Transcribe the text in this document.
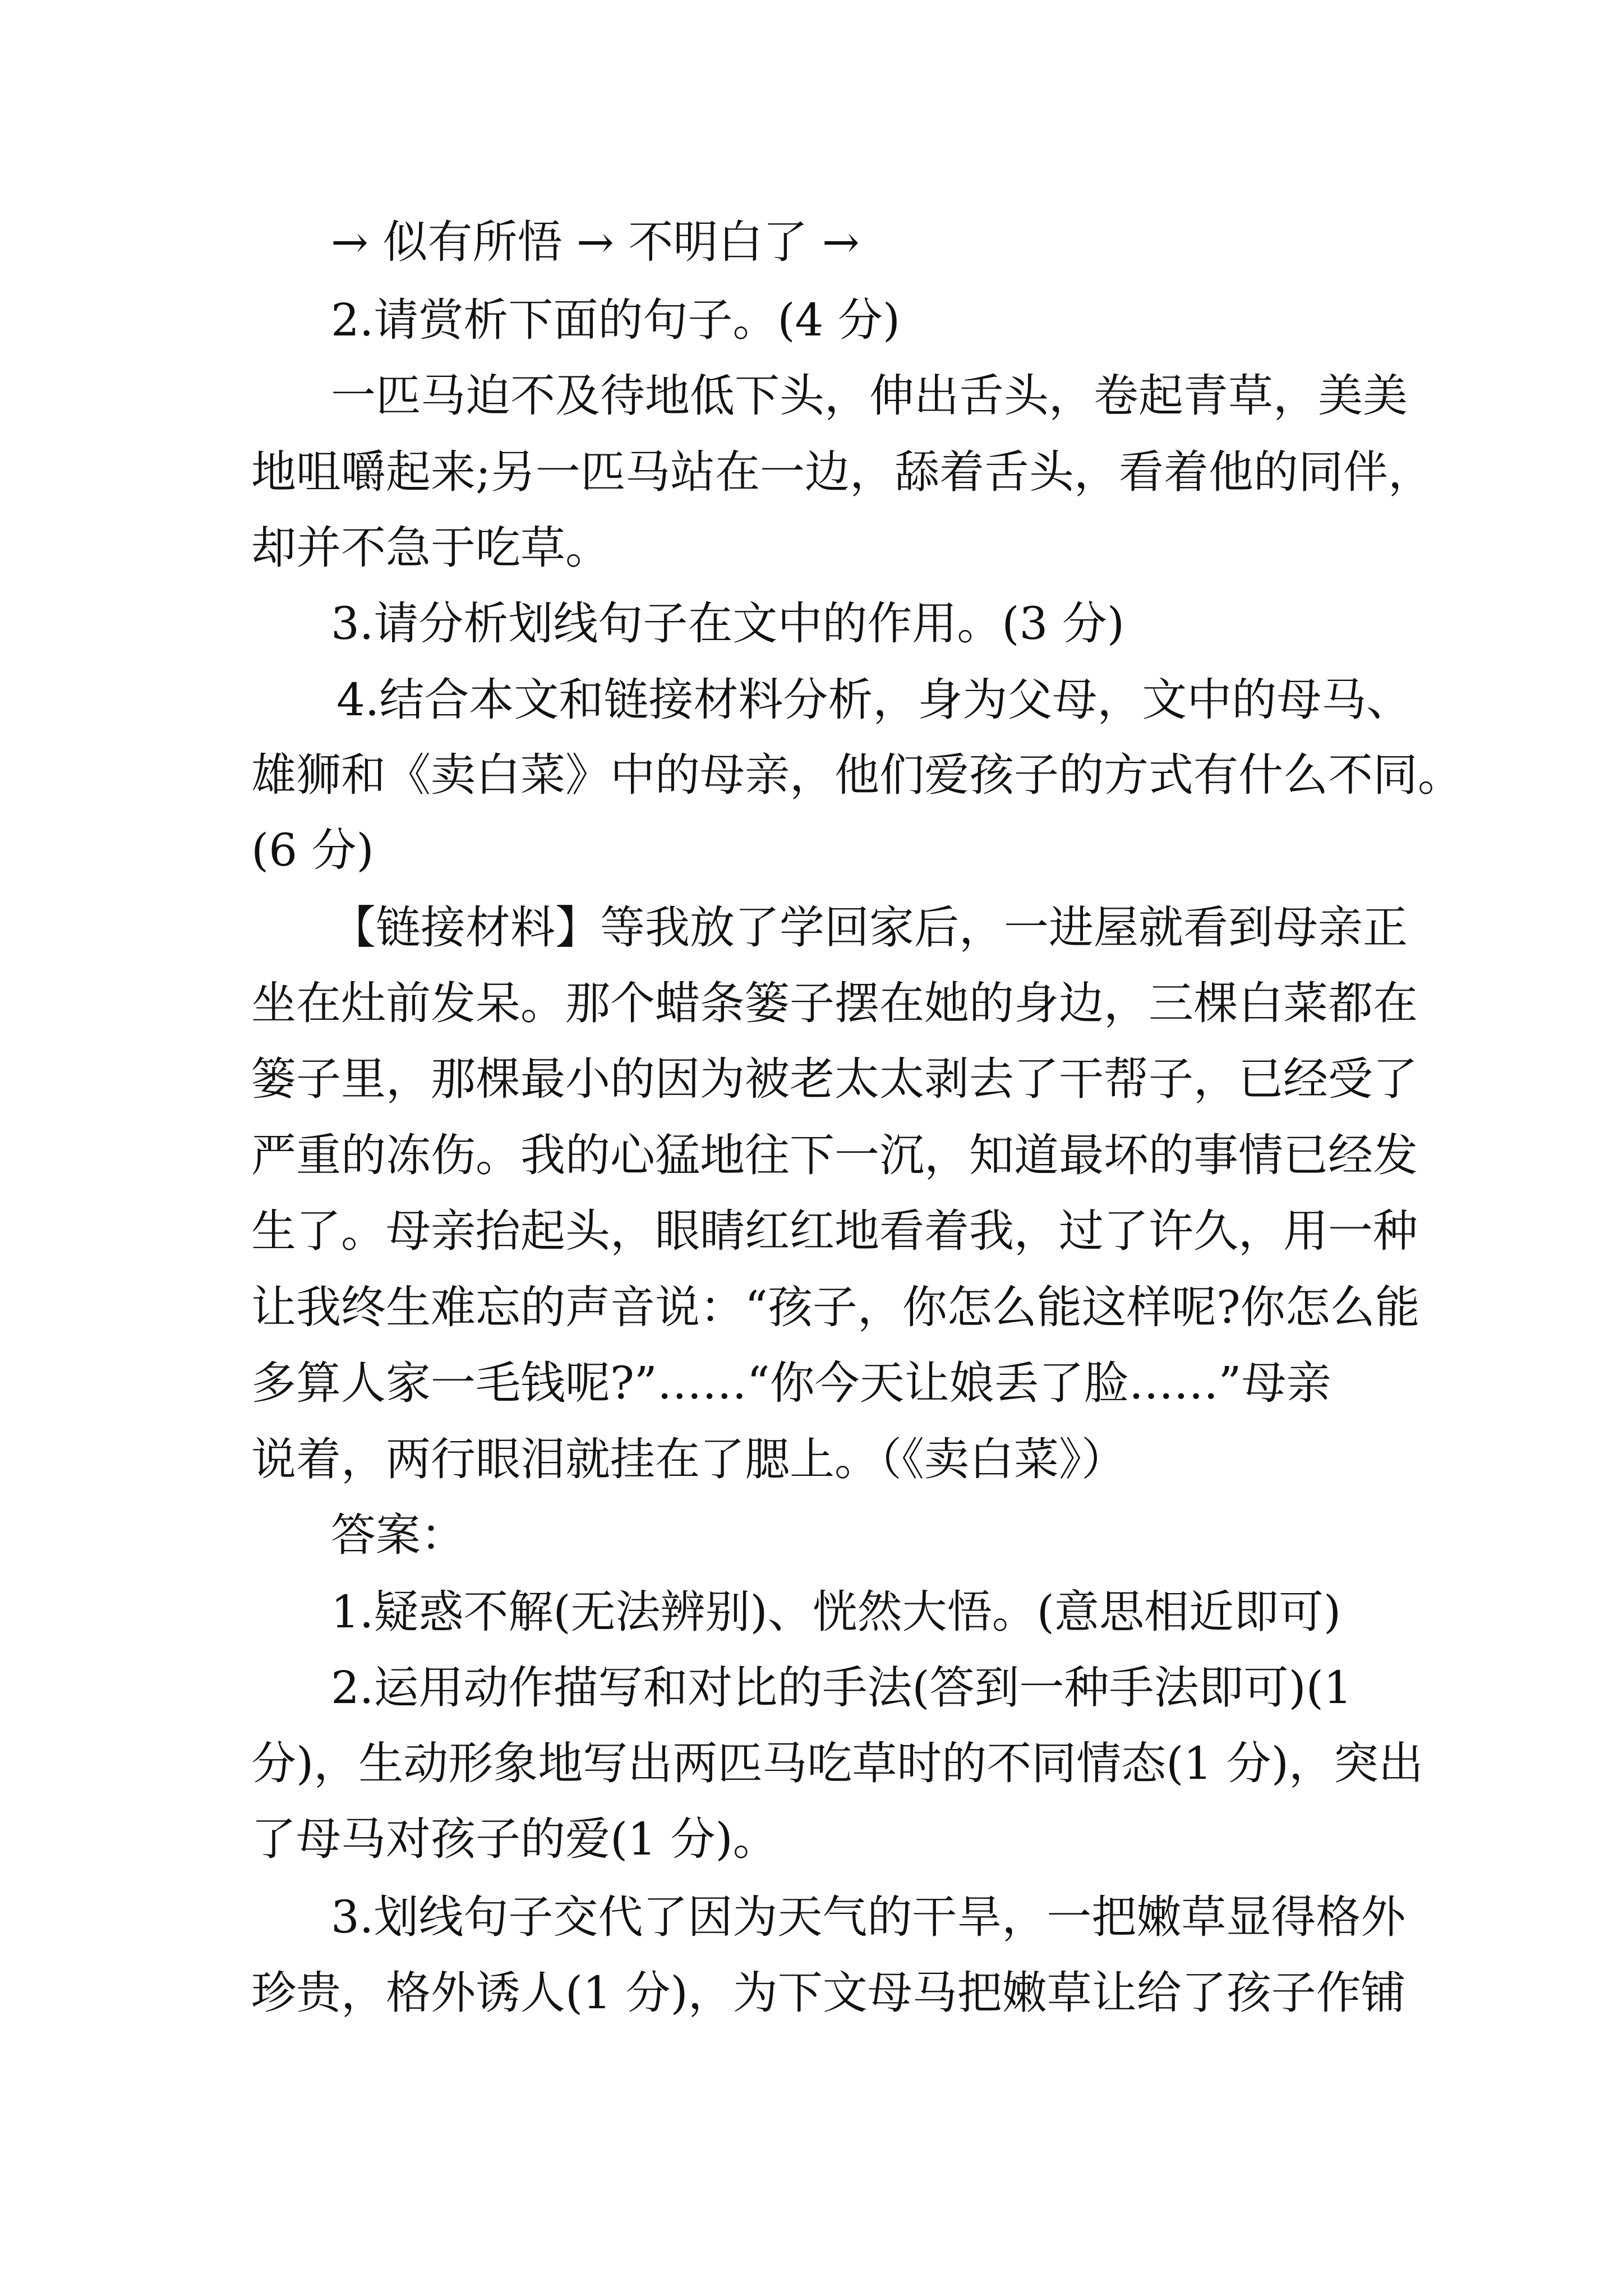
→ 似有所悟 → 不明白了 →
2.请赏析下面的句子。(4 分)
一匹马迫不及待地低下头，伸出舌头，卷起青草，美美
地咀嚼起来;另一匹马站在一边，舔着舌头，看着他的同伴，
却并不急于吃草。
3.请分析划线句子在文中的作用。(3 分)
4.结合本文和链接材料分析，身为父母，文中的母马、
雄狮和《卖白菜》中的母亲，他们爱孩子的方式有什么不同。
(6 分)
【链接材料】等我放了学回家后，一进屋就看到母亲正
坐在灶前发呆。那个蜡条篓子摆在她的身边，三棵白菜都在
篓子里，那棵最小的因为被老太太剥去了干帮子，已经受了
严重的冻伤。我的心猛地往下一沉，知道最坏的事情已经发
生了。母亲抬起头，眼睛红红地看着我，过了许久，用一种
让我终生难忘的声音说：“孩子，你怎么能这样呢?你怎么能
多算人家一毛钱呢?”……“你今天让娘丢了脸……”母亲
说着，两行眼泪就挂在了腮上。（《卖白菜》）
答案：
1.疑惑不解(无法辨别)、恍然大悟。(意思相近即可)
2.运用动作描写和对比的手法(答到一种手法即可)(1
分)，生动形象地写出两匹马吃草时的不同情态(1 分)，突出
了母马对孩子的爱(1 分)。
3.划线句子交代了因为天气的干旱，一把嫩草显得格外
珍贵，格外诱人(1 分)，为下文母马把嫩草让给了孩子作铺
